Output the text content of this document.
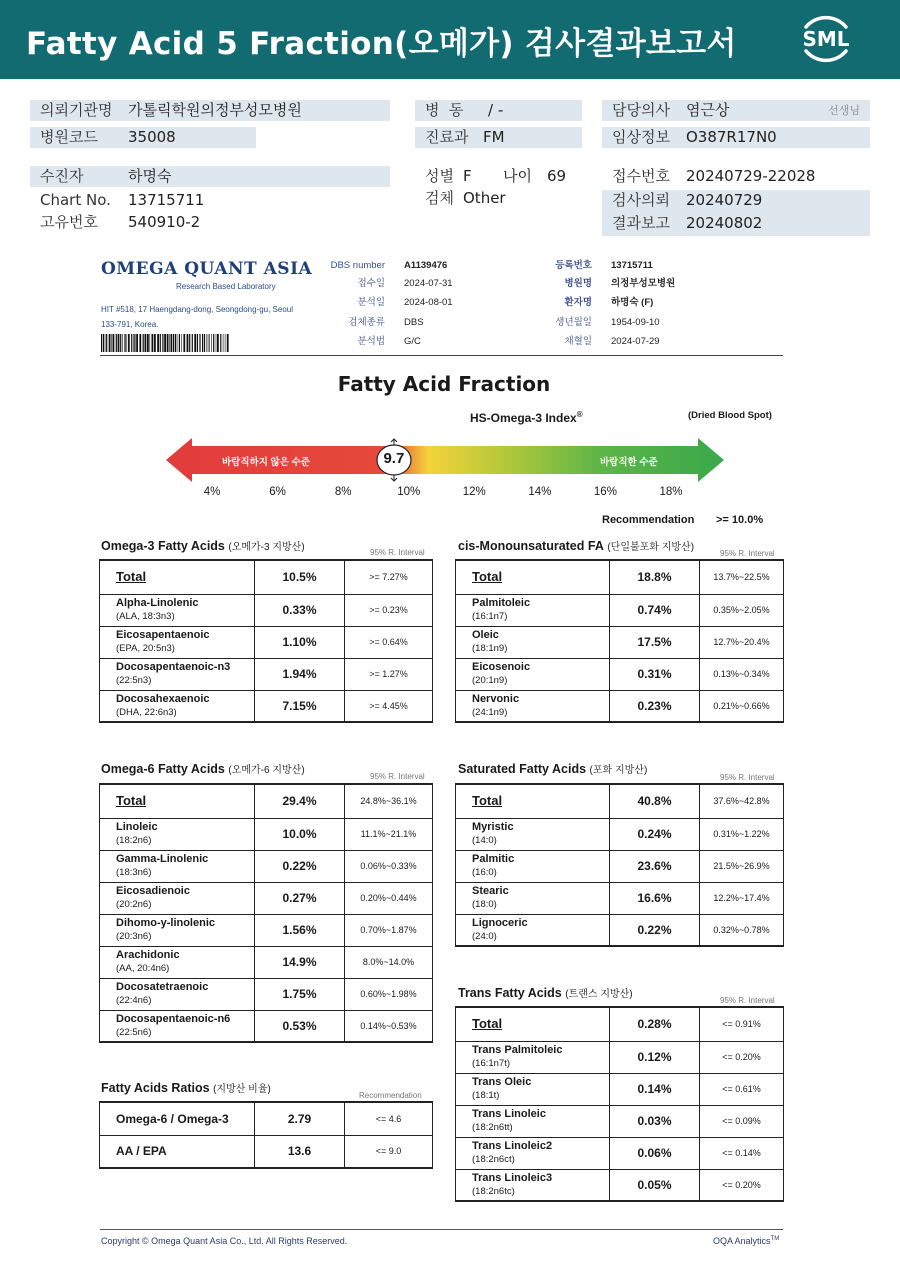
Fatty Acid 5 Fraction(오메가) 검사결과보고서	SML
의뢰기관명 가톨릭학원의정부성모병원	병  동 / -	담당의사 염근상	선생님
병원코드 35008	진료과 FM	임상정보 O387R17N0
수진자	하명숙	성별 F 나이 69	접수번호 20240729-22028
Chart No. 13715711	검체 Other	검사의뢰 20240729
결과보고 20240802
고유번호 540910-2
OMEGA QUANT ASIA
Research Based Laboratory
HIT #518, 17 Haengdang-dong, Seongdong-gu, Seoul 133-791, Korea.
DBS number A1139476
접수일 2024-07-31
분석일 2024-08-01
검체종류 DBS
분석법 G/C
등록번호 13715711
병원명 의정부성모병원
환자명 하명숙 (F)
생년월일 1954-09-10
채혈일 2024-07-29
Fatty Acid Fraction
HS-Omega-3 Index®	(Dried Blood Spot)
바람직하지 않은 수준	바람직한 수준
9.7
4%	6%	8%	10%	12%	14%	16%	18%
Recommendation >= 10.0%
Omega-3 Fatty Acids (오메가-3 지방산)	95% R. Interval	cis-Monounsaturated FA (단일불포화 지방산)
95% R. Interval
Omega-6 Fatty Acids (오메가-6 지방산)
95% R. Interval
Saturated Fatty Acids (포화 지방산)
95% R. Interval
Trans Fatty Acids (트랜스 지방산)
95% R. Interval
Fatty Acids Ratios (지방산 비율)
Recommendation
Total	10.5%	>= 7.27%
Alpha-Linolenic
(ALA, 18:3n3)	0.33%	>= 0.23%
Eicosapentaenoic
(EPA, 20:5n3)	1.10%	>= 0.64%
Docosapentaenoic-n3
(22:5n3)	1.94%	>= 1.27%
Docosahexaenoic
(DHA, 22:6n3)	7.15%	>= 4.45%
Total	18.8%	13.7%~22.5%
Palmitoleic
(16:1n7)	0.74%	0.35%~2.05%
Oleic
(18:1n9)	17.5%	12.7%~20.4%
Eicosenoic
(20:1n9)	0.31%	0.13%~0.34%
Nervonic
(24:1n9)	0.23%	0.21%~0.66%
Total	29.4%	24.8%~36.1%
Linoleic
(18:2n6)	10.0%	11.1%~21.1%
Gamma-Linolenic
(18:3n6)	0.22%	0.06%~0.33%
Eicosadienoic
(20:2n6)	0.27%	0.20%~0.44%
Dihomo-y-linolenic
(20:3n6)	1.56%	0.70%~1.87%
Arachidonic
(AA, 20:4n6)	14.9%	8.0%~14.0%
Docosatetraenoic
(22:4n6)	1.75%	0.60%~1.98%
Docosapentaenoic-n6
(22:5n6)	0.53%	0.14%~0.53%
Total	40.8%	37.6%~42.8%
Myristic
(14:0)	0.24%	0.31%~1.22%
Palmitic
(16:0)	23.6%	21.5%~26.9%
Stearic
(18:0)	16.6%	12.2%~17.4%
Lignoceric
(24:0)	0.22%	0.32%~0.78%
Total	0.28%	<= 0.91%
Trans Palmitoleic
(16:1n7t)	0.12%	<= 0.20%
Trans Oleic
(18:1t)	0.14%	<= 0.61%
Trans Linoleic
(18:2n6tt)	0.03%	<= 0.09%
Trans Linoleic2
(18:2n6ct)	0.06%	<= 0.14%
Trans Linoleic3
(18:2n6tc)	0.05%	<= 0.20%
Omega-6 / Omega-3	2.79	<= 4.6
AA / EPA	13.6	<= 9.0
Copyright © Omega Quant Asia Co., Ltd. All Rights Reserved.	OQA Analytics™
